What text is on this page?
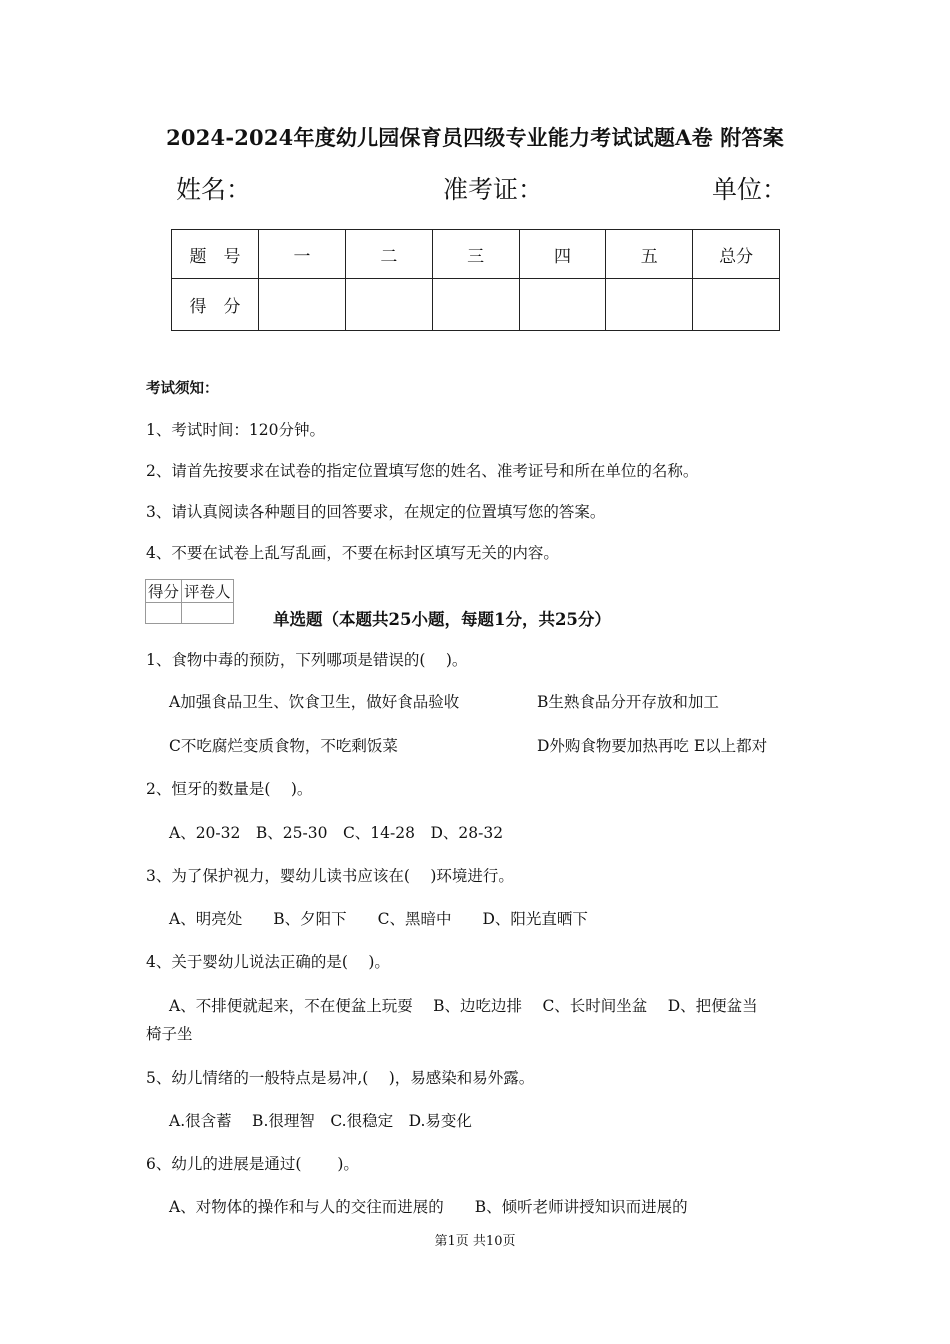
2024-2024年度幼儿园保育员四级专业能力考试试题A卷 附答案
姓名：	准考证：	单位：
题　号	一	二	三	四	五	总分
得　分						
考试须知：
1、考试时间：120分钟。
2、请首先按要求在试卷的指定位置填写您的姓名、准考证号和所在单位的名称。
3、请认真阅读各种题目的回答要求，在规定的位置填写您的答案。
4、不要在试卷上乱写乱画，不要在标封区填写无关的内容。
得分	评卷人

单选题（本题共25小题，每题1分，共25分）
1、食物中毒的预防，下列哪项是错误的(　 )。
A加强食品卫生、饮食卫生，做好食品验收	B生熟食品分开存放和加工
C不吃腐烂变质食物，不吃剩饭菜	D外购食物要加热再吃 E以上都对
2、恒牙的数量是(　 )。
A、20-32　B、25-30　C、14-28　D、28-32
3、为了保护视力，婴幼儿读书应该在(　 )环境进行。
A、明亮处　　B、夕阳下　　C、黑暗中　　D、阳光直晒下
4、关于婴幼儿说法正确的是(　 )。
A、不排便就起来，不在便盆上玩耍　 B、边吃边排　 C、长时间坐盆　 D、把便盆当
椅子坐
5、幼儿情绪的一般特点是易冲,(　 )，易感染和易外露。
A.很含蓄　 B.很理智　C.很稳定　D.易变化
6、幼儿的进展是通过(　　 )。
A、对物体的操作和与人的交往而进展的　　B、倾听老师讲授知识而进展的
第1页 共10页
